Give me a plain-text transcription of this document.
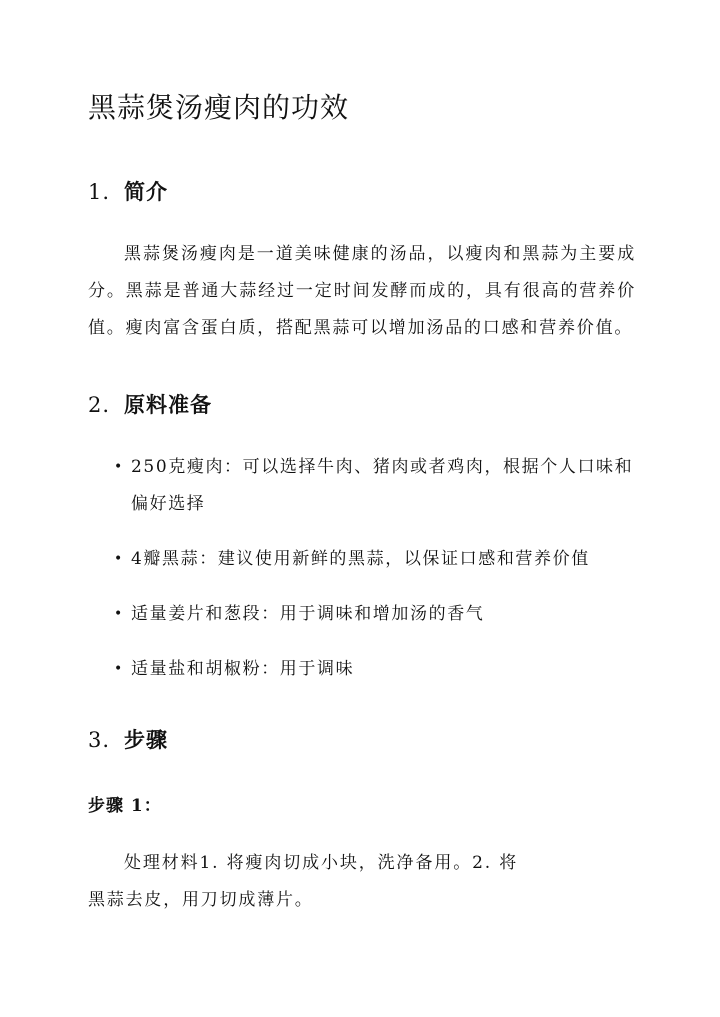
黑蒜煲汤瘦肉的功效
1. 简介

黑蒜煲汤瘦肉是一道美味健康的汤品，以瘦肉和黑蒜为主要成分。黑蒜是普通大蒜经过一定时间发酵而成的，具有很高的营养价值。瘦肉富含蛋白质，搭配黑蒜可以增加汤品的口感和营养价值。

2. 原料准备
• 250克瘦肉：可以选择牛肉、猪肉或者鸡肉，根据个人口味和偏好选择
• 4瓣黑蒜：建议使用新鲜的黑蒜，以保证口感和营养价值
• 适量姜片和葱段：用于调味和增加汤的香气
• 适量盐和胡椒粉：用于调味
3. 步骤
步骤 1：

处理材料1. 将瘦肉切成小块，洗净备用。2. 将黑蒜去皮，用刀切成薄片。
